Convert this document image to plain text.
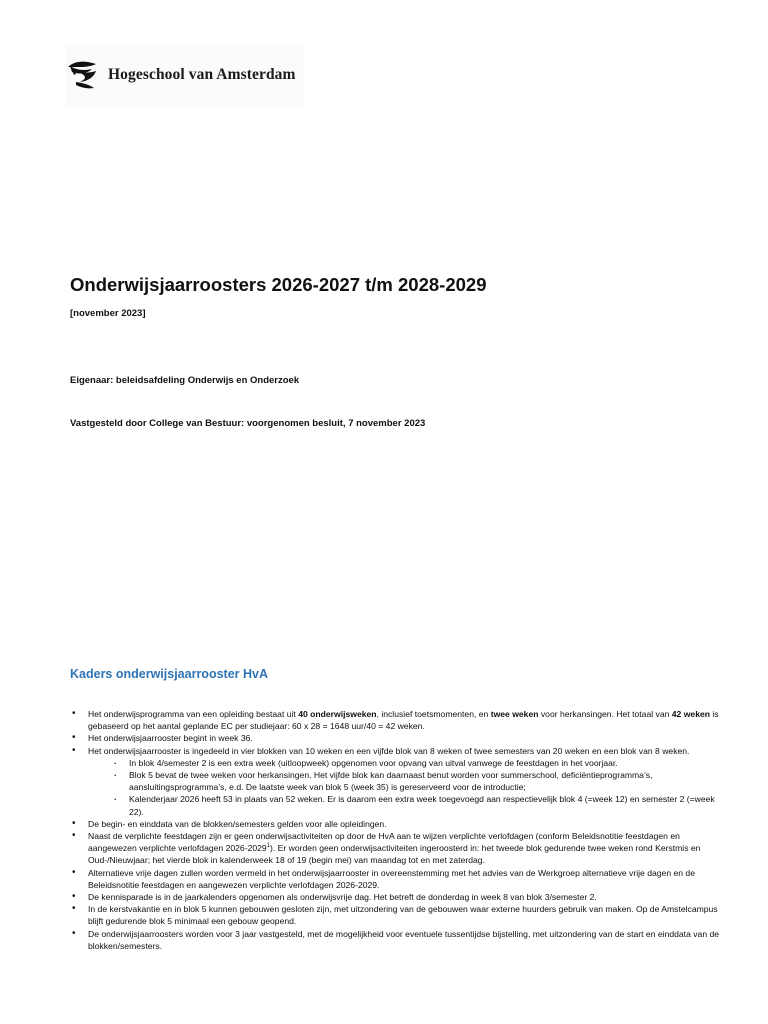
Hogeschool van Amsterdam
Onderwijsjaarroosters 2026-2027 t/m 2028-2029
[november 2023]
Eigenaar: beleidsafdeling Onderwijs en Onderzoek
Vastgesteld door College van Bestuur: voorgenomen besluit, 7 november 2023
Kaders onderwijsjaarrooster HvA
• Het onderwijsprogramma van een opleiding bestaat uit 40 onderwijsweken, inclusief toetsmomenten, en twee weken voor herkansingen. Het totaal van 42 weken is gebaseerd op het aantal geplande EC per studiejaar: 60 x 28 = 1648 uur/40 = 42 weken.
• Het onderwijsjaarrooster begint in week 36.
• Het onderwijsjaarrooster is ingedeeld in vier blokken van 10 weken en een vijfde blok van 8 weken of twee semesters van 20 weken en een blok van 8 weken.
· In blok 4/semester 2 is een extra week (uitloopweek) opgenomen voor opvang van uitval vanwege de feestdagen in het voorjaar.
· Blok 5 bevat de twee weken voor herkansingen. Het vijfde blok kan daarnaast benut worden voor summerschool, deficiëntieprogramma’s, aansluitingsprogramma’s, e.d. De laatste week van blok 5 (week 35) is gereserveerd voor de introductie;
· Kalenderjaar 2026 heeft 53 in plaats van 52 weken. Er is daarom een extra week toegevoegd aan respectievelijk blok 4 (=week 12) en semester 2 (=week 22).
• De begin- en einddata van de blokken/semesters gelden voor alle opleidingen.
• Naast de verplichte feestdagen zijn er geen onderwijsactiviteiten op door de HvA aan te wijzen verplichte verlofdagen (conform Beleidsnotitie feestdagen en aangewezen verplichte verlofdagen 2026-2029$^1$). Er worden geen onderwijsactiviteiten ingeroosterd in: het tweede blok gedurende twee weken rond Kerstmis en Oud-/Nieuwjaar; het vierde blok in kalenderweek 18 of 19 (begin mei) van maandag tot en met zaterdag.
• Alternatieve vrije dagen zullen worden vermeld in het onderwijsjaarrooster in overeenstemming met het advies van de Werkgroep alternatieve vrije dagen en de Beleidsnotitie feestdagen en aangewezen verplichte verlofdagen 2026-2029.
• De kennisparade is in de jaarkalenders opgenomen als onderwijsvrije dag. Het betreft de donderdag in week 8 van blok 3/semester 2.
• In de kerstvakantie en in blok 5 kunnen gebouwen gesloten zijn, met uitzondering van de gebouwen waar externe huurders gebruik van maken. Op de Amstelcampus blijft gedurende blok 5 minimaal een gebouw geopend.
• De onderwijsjaarroosters worden voor 3 jaar vastgesteld, met de mogelijkheid voor eventuele tussentijdse bijstelling, met uitzondering van de start en einddata van de blokken/semesters.
